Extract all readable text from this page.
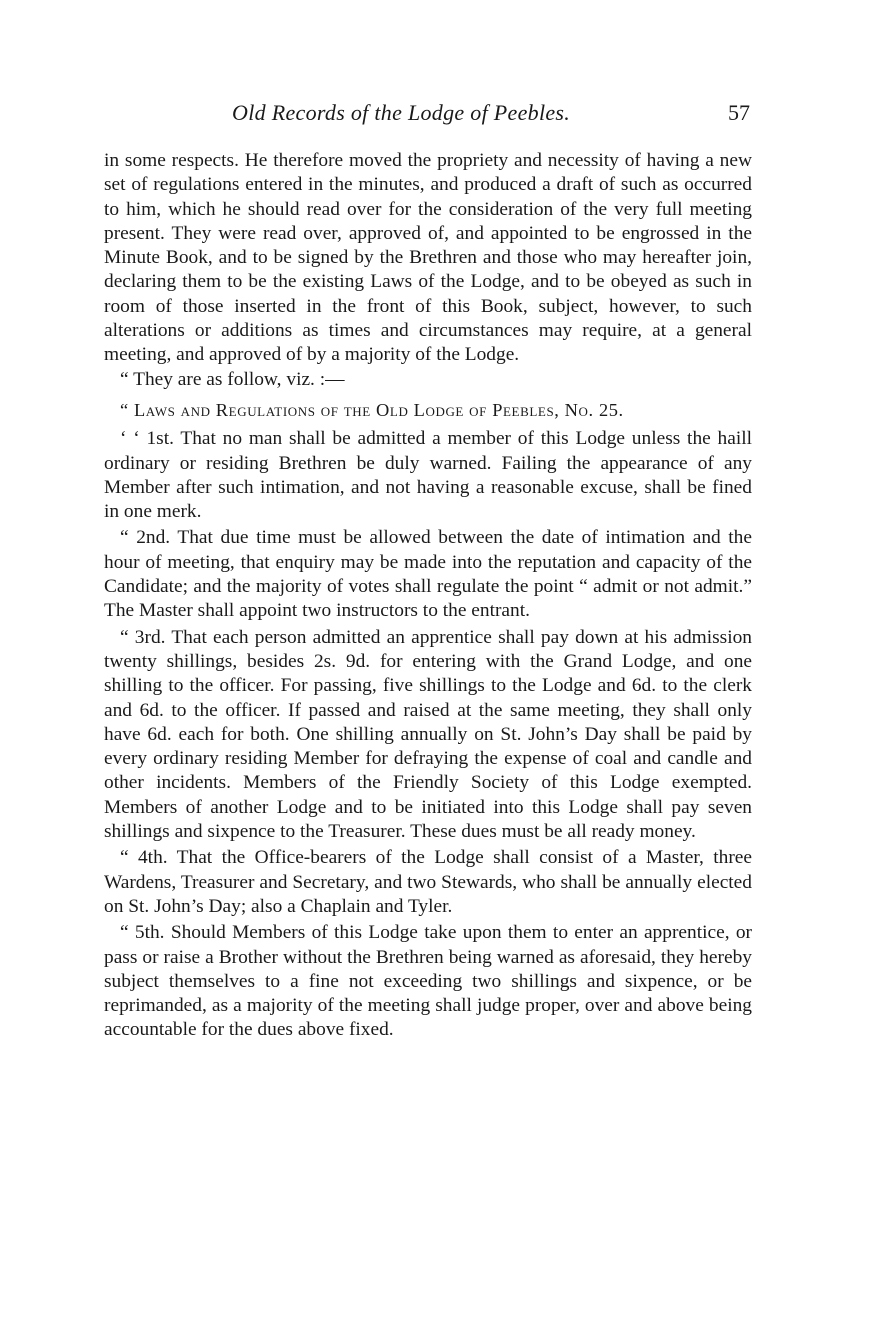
Old Records of the Lodge of Peebles.	57

in some respects. He therefore moved the propriety and necessity of having a new set of regulations entered in the minutes, and produced a draft of such as occurred to him, which he should read over for the consideration of the very full meeting present. They were read over, approved of, and appointed to be engrossed in the Minute Book, and to be signed by the Brethren and those who may hereafter join, declaring them to be the existing Laws of the Lodge, and to be obeyed as such in room of those inserted in the front of this Book, subject, however, to such alterations or additions as times and circumstances may require, at a general meeting, and approved of by a majority of the Lodge.

“ They are as follow, viz. :—

“ Laws and Regulations of the Old Lodge of Peebles, No. 25.

‘ ‘ 1st. That no man shall be admitted a member of this Lodge unless the haill ordinary or residing Brethren be duly warned. Failing the appearance of any Member after such intimation, and not having a reasonable excuse, shall be fined in one merk.

“ 2nd. That due time must be allowed between the date of intimation and the hour of meeting, that enquiry may be made into the reputation and capacity of the Candidate; and the majority of votes shall regulate the point “ admit or not admit.” The Master shall appoint two instructors to the entrant.

“ 3rd. That each person admitted an apprentice shall pay down at his admission twenty shillings, besides 2s. 9d. for entering with the Grand Lodge, and one shilling to the officer. For passing, five shillings to the Lodge and 6d. to the clerk and 6d. to the officer. If passed and raised at the same meeting, they shall only have 6d. each for both. One shilling annually on St. John’s Day shall be paid by every ordinary residing Member for defraying the expense of coal and candle and other incidents. Members of the Friendly Society of this Lodge exempted. Members of another Lodge and to be initiated into this Lodge shall pay seven shillings and sixpence to the Treasurer. These dues must be all ready money.

“ 4th. That the Office-bearers of the Lodge shall consist of a Master, three Wardens, Treasurer and Secretary, and two Stewards, who shall be annually elected on St. John’s Day; also a Chaplain and Tyler.

“ 5th. Should Members of this Lodge take upon them to enter an apprentice, or pass or raise a Brother without the Brethren being warned as aforesaid, they hereby subject themselves to a fine not exceeding two shillings and sixpence, or be reprimanded, as a majority of the meeting shall judge proper, over and above being accountable for the dues above fixed.
